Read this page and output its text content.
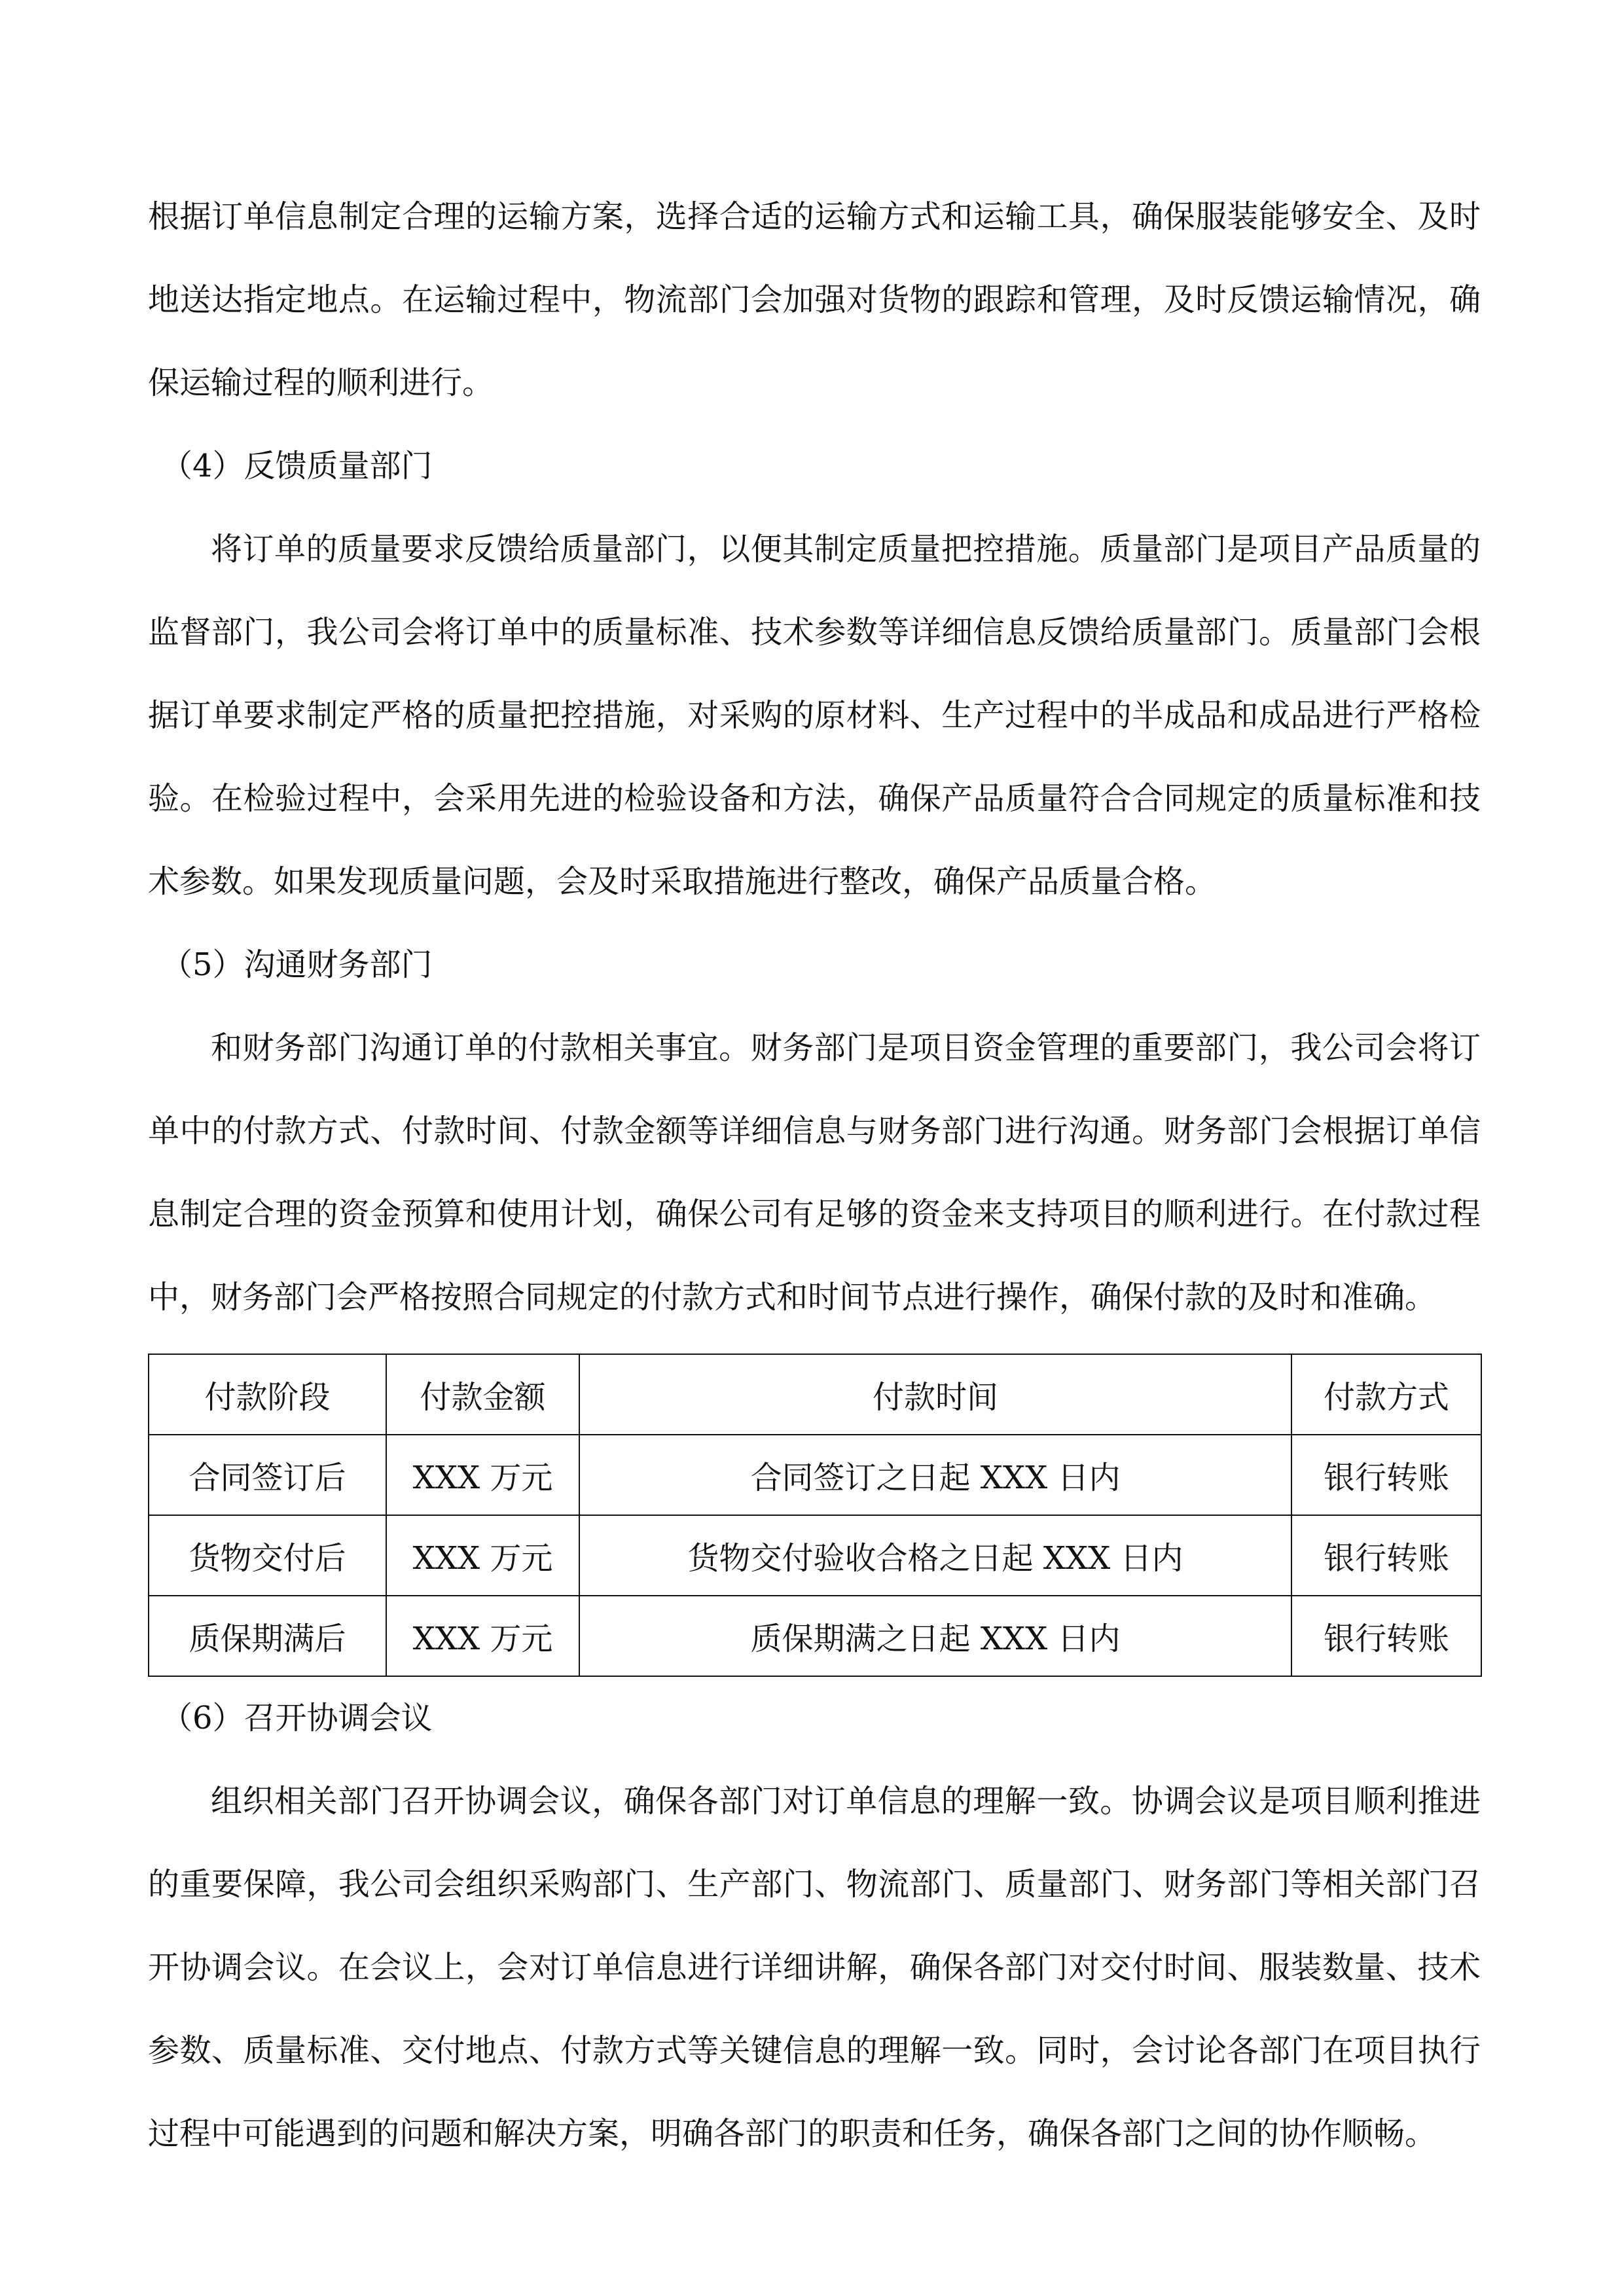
根据订单信息制定合理的运输方案，选择合适的运输方式和运输工具，确保服装能够安全、及时地送达指定地点。在运输过程中，物流部门会加强对货物的跟踪和管理，及时反馈运输情况，确保运输过程的顺利进行。

（4）反馈质量部门

将订单的质量要求反馈给质量部门，以便其制定质量把控措施。质量部门是项目产品质量的监督部门，我公司会将订单中的质量标准、技术参数等详细信息反馈给质量部门。质量部门会根据订单要求制定严格的质量把控措施，对采购的原材料、生产过程中的半成品和成品进行严格检验。在检验过程中，会采用先进的检验设备和方法，确保产品质量符合合同规定的质量标准和技术参数。如果发现质量问题，会及时采取措施进行整改，确保产品质量合格。

（5）沟通财务部门

和财务部门沟通订单的付款相关事宜。财务部门是项目资金管理的重要部门，我公司会将订单中的付款方式、付款时间、付款金额等详细信息与财务部门进行沟通。财务部门会根据订单信息制定合理的资金预算和使用计划，确保公司有足够的资金来支持项目的顺利进行。在付款过程中，财务部门会严格按照合同规定的付款方式和时间节点进行操作，确保付款的及时和准确。

付款阶段	付款金额	付款时间	付款方式
合同签订后	XXX 万元	合同签订之日起 XXX 日内	银行转账
货物交付后	XXX 万元	货物交付验收合格之日起 XXX 日内	银行转账
质保期满后	XXX 万元	质保期满之日起 XXX 日内	银行转账

（6）召开协调会议

组织相关部门召开协调会议，确保各部门对订单信息的理解一致。协调会议是项目顺利推进的重要保障，我公司会组织采购部门、生产部门、物流部门、质量部门、财务部门等相关部门召开协调会议。在会议上，会对订单信息进行详细讲解，确保各部门对交付时间、服装数量、技术参数、质量标准、交付地点、付款方式等关键信息的理解一致。同时，会讨论各部门在项目执行过程中可能遇到的问题和解决方案，明确各部门的职责和任务，确保各部门之间的协作顺畅。
